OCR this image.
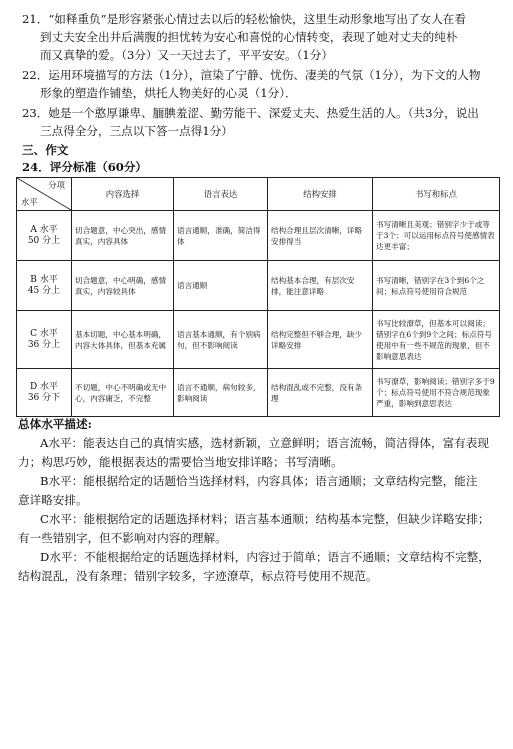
21．“如释重负”是形容紧张心情过去以后的轻松愉快，这里生动形象地写出了女人在看
到丈夫安全出井后满腹的担忧转为安心和喜悦的心情转变，表现了她对丈夫的纯朴
而又真挚的爱。（3分）又一天过去了，平平安安。（1分）
22．运用环境描写的方法（1分），渲染了宁静、忧伤、凄美的气氛（1分），为下文的人物
形象的塑造作铺垫，烘托人物美好的心灵（1分）．
23．她是一个憨厚谦卑、腼腆羞涩、勤劳能干、深爱丈夫、热爱生活的人。（共3分，说出
三点得全分，三点以下答一点得1分）
三、作文
24．评分标准（60分）
分项
水平	内容选择	语言表达	结构安排	书写和标点
A 水平
50 分上	切合题意，中心突出，感情真实，内容具体	语言通顺，准确，简洁得体	结构合理且层次清晰，详略安排得当	书写清晰且美观；错别字少于或等于3个；可以运用标点符号使感情表达更丰富；
B 水平
45 分上	切合题意，中心明确，感情真实，内容较具体	语言通顺	结构基本合理，有层次安排，能注意详略	书写清晰，错别字在3个到6个之间；标点符号使用符合规范
C 水平
36 分上	基本切题，中心基本明确，内容大体具体，但基本充属	语言基本通顺，有个别病句，但不影响阅读	结构完整但不够合理，缺少详略安排	书写比较潦草，但基本可以阅读；错别字在6个到9个之间；标点符号使用中有一些不规范的现象，但不影响意思表达
D 水平
36 分下	不切题，中心不明确或无中心，内容庸乏，不完整	语言不通顺，病句较多，影响阅读	结构混乱或不完整，没有条理	书写潦草，影响阅读；错别字多于9个；标点符号使用不符合规范现象严重，影响到意思表达
总体水平描述:
A水平：能表达自己的真情实感，选材新颖，立意鲜明；语言流畅，简洁得体，富有表现
力；构思巧妙，能根据表达的需要恰当地安排详略；书写清晰。
B水平：能根据给定的话题恰当选择材料，内容具体；语言通顺；文章结构完整，能注
意详略安排。
C水平：能根据给定的话题选择材料；语言基本通顺；结构基本完整，但缺少详略安排；
有一些错别字，但不影响对内容的理解。
D水平：不能根据给定的话题选择材料，内容过于简单；语言不通顺；文章结构不完整，
结构混乱，没有条理；错别字较多，字迹潦草，标点符号使用不规范。
